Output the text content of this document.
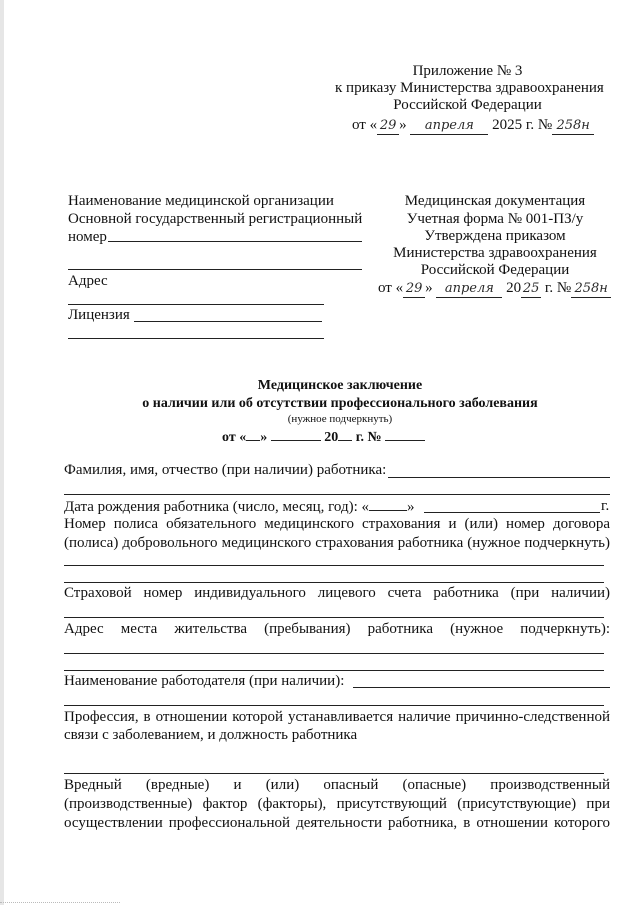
Приложение № 3
к приказу Министерства здравоохранения
Российской Федерации
от « 29 » апреля 2025 г. № 258н
Наименование медицинской организации
Основной государственный регистрационный
номер
Адрес
Лицензия
Медицинская документация
Учетная форма № 001-ПЗ/у
Утверждена приказом
Министерства здравоохранения
Российской Федерации
от « 29 » апреля 20 25 г. № 258н
Медицинское заключение
о наличии или об отсутствии профессионального заболевания
(нужное подчеркнуть)
от « »	20 г. №
Фамилия, имя, отчество (при наличии) работника:
Дата рождения работника (число, месяц, год): «	»	г.
Номер полиса обязательного медицинского страхования и (или) номер договора
(полиса) добровольного медицинского страхования работника (нужное подчеркнуть)
Страховой номер индивидуального лицевого счета работника (при наличии)
Адрес места жительства (пребывания) работника (нужное подчеркнуть):
Наименование работодателя (при наличии):
Профессия, в отношении которой устанавливается наличие причинно-следственной
связи с заболеванием, и должность работника
Вредный (вредные) и (или) опасный (опасные) производственный
(производственные) фактор (факторы), присутствующий (присутствующие) при
осуществлении профессиональной деятельности работника, в отношении которого
